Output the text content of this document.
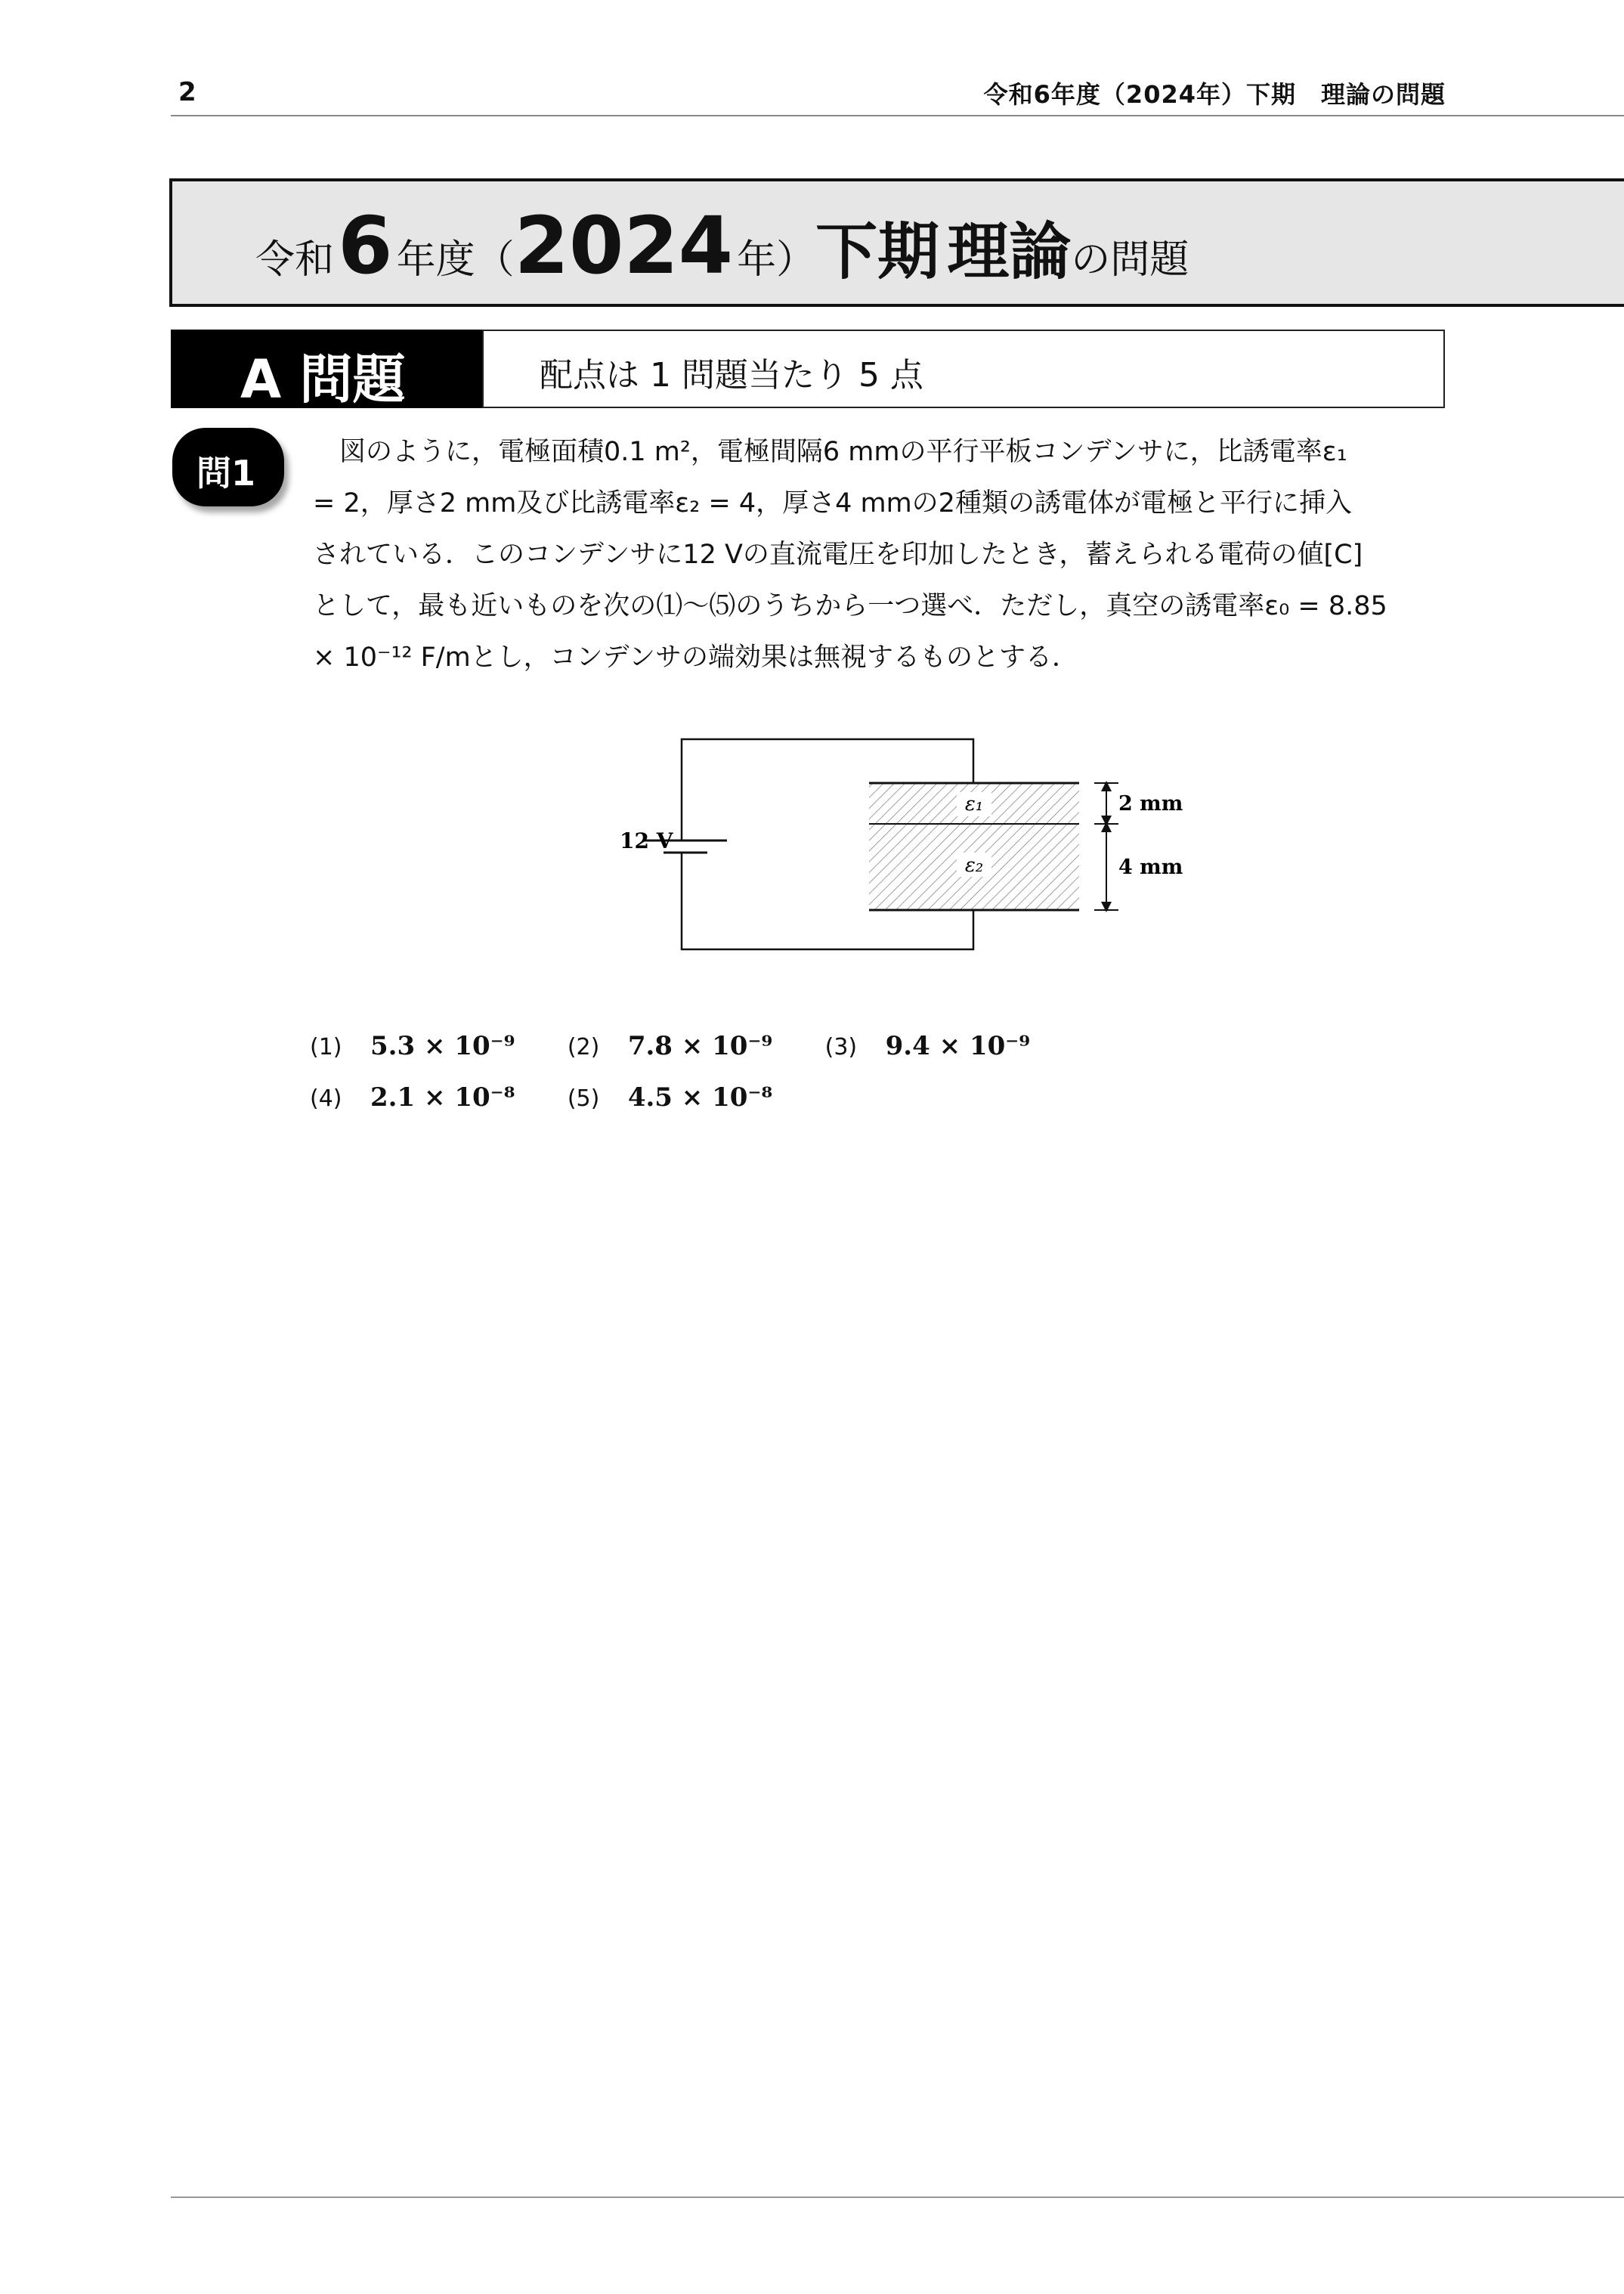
2	令和6年度（2024年）下期　理論の問題
令和 6 年度（2024 年）下期 理論の問題
A 問題	配点は 1 問題当たり 5 点
問1
　図のように，電極面積0.1 m²，電極間隔6 mmの平行平板コンデンサに，比誘電率ε₁
= 2，厚さ2 mm及び比誘電率ε₂ = 4，厚さ4 mmの2種類の誘電体が電極と平行に挿入
されている．このコンデンサに12 Vの直流電圧を印加したとき，蓄えられる電荷の値[C]
として，最も近いものを次の⑴～⑸のうちから一つ選べ．ただし，真空の誘電率ε₀ = 8.85
× 10⁻¹² F/mとし，コンデンサの端効果は無視するものとする．
ε₁
ε₂
12 V
2 mm
4 mm
(1) 5.3 × 10⁻⁹ (2) 7.8 × 10⁻⁹ (3) 9.4 × 10⁻⁹
(4) 2.1 × 10⁻⁸ (5) 4.5 × 10⁻⁸
